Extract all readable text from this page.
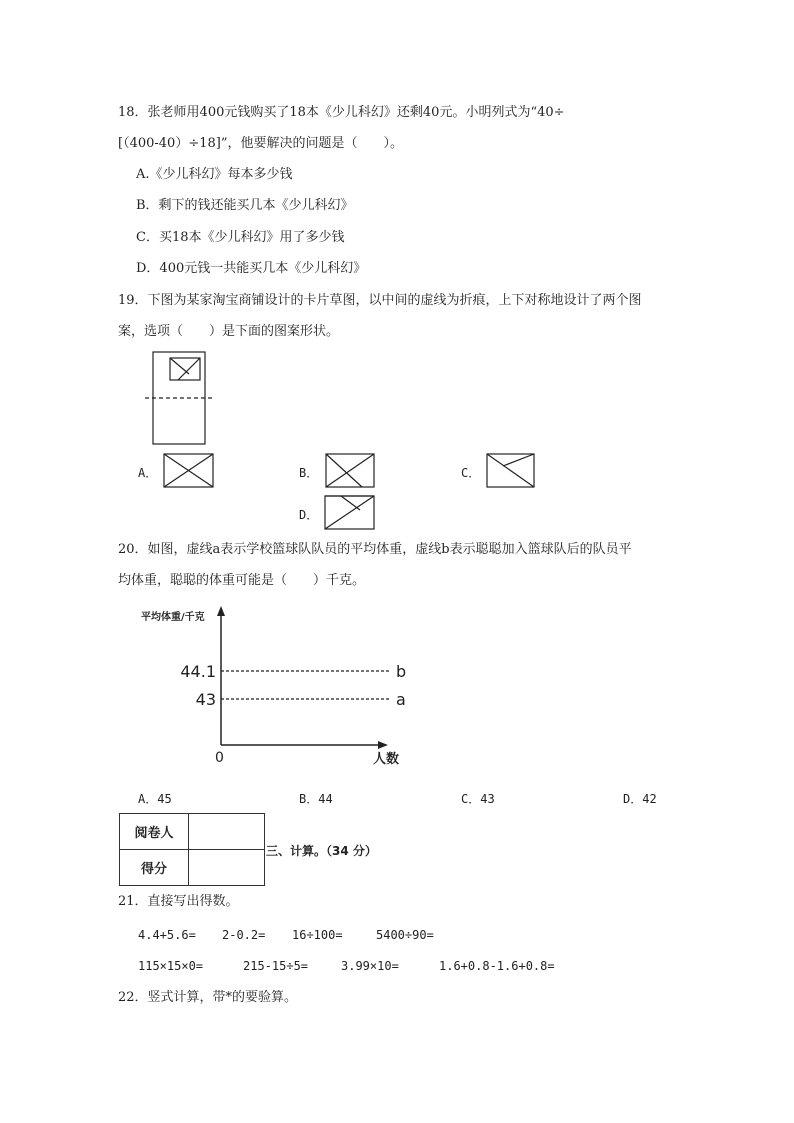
18．张老师用400元钱购买了18本《少儿科幻》还剩40元。小明列式为“40÷
[（400-40）÷18]”，他要解决的问题是（　　）。
A.《少儿科幻》每本多少钱
B．剩下的钱还能买几本《少儿科幻》
C．买18本《少儿科幻》用了多少钱
D．400元钱一共能买几本《少儿科幻》
19．下图为某家淘宝商铺设计的卡片草图，以中间的虚线为折痕，上下对称地设计了两个图
案，选项（　　）是下面的图案形状。
A．	B．	C．
D．
20．如图，虚线a表示学校篮球队队员的平均体重，虚线b表示聪聪加入篮球队后的队员平
均体重，聪聪的体重可能是（　　）千克。
平均体重/千克
人数
0
43	a
44.1	b
A．45	B．44	C．43	D．42
阅卷人	
得分	
三、计算。（34 分）
21．直接写出得数。
4.4+5.6= 2-0.2= 16÷100=	5400÷90=
115×15×0=	215-15÷5=	3.99×10=	1.6+0.8-1.6+0.8=
22．竖式计算，带*的要验算。
